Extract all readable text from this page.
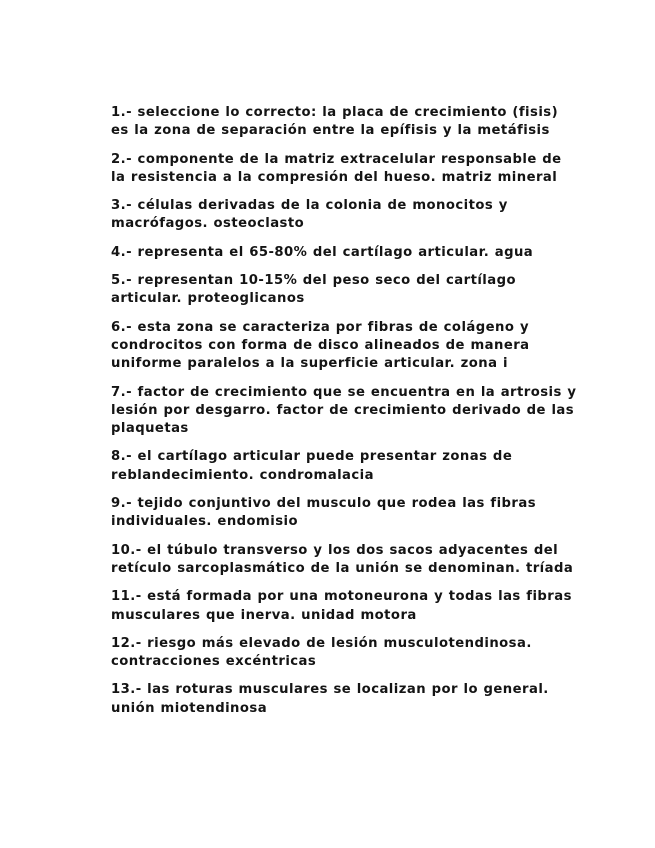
1.- seleccione lo correcto: la placa de crecimiento (fisis) es la zona de separación entre la epífisis y la metáfisis

2.- componente de la matriz extracelular responsable de la resistencia a la compresión del hueso. matriz mineral

3.- células derivadas de la colonia de monocitos y macrófagos. osteoclasto

4.- representa el 65-80% del cartílago articular. agua

5.- representan 10-15% del peso seco del cartílago articular. proteoglicanos

6.- esta zona se caracteriza por fibras de colágeno y condrocitos con forma de disco alineados de manera uniforme paralelos a la superficie articular. zona i

7.- factor de crecimiento que se encuentra en la artrosis y lesión por desgarro. factor de crecimiento derivado de las plaquetas

8.- el cartílago articular puede presentar zonas de reblandecimiento. condromalacia

9.- tejido conjuntivo del musculo que rodea las fibras individuales. endomisio

10.- el túbulo transverso y los dos sacos adyacentes del retículo sarcoplasmático de la unión se denominan. tríada

11.- está formada por una motoneurona y todas las fibras musculares que inerva. unidad motora

12.- riesgo más elevado de lesión musculotendinosa. contracciones excéntricas

13.- las roturas musculares se localizan por lo general. unión miotendinosa
